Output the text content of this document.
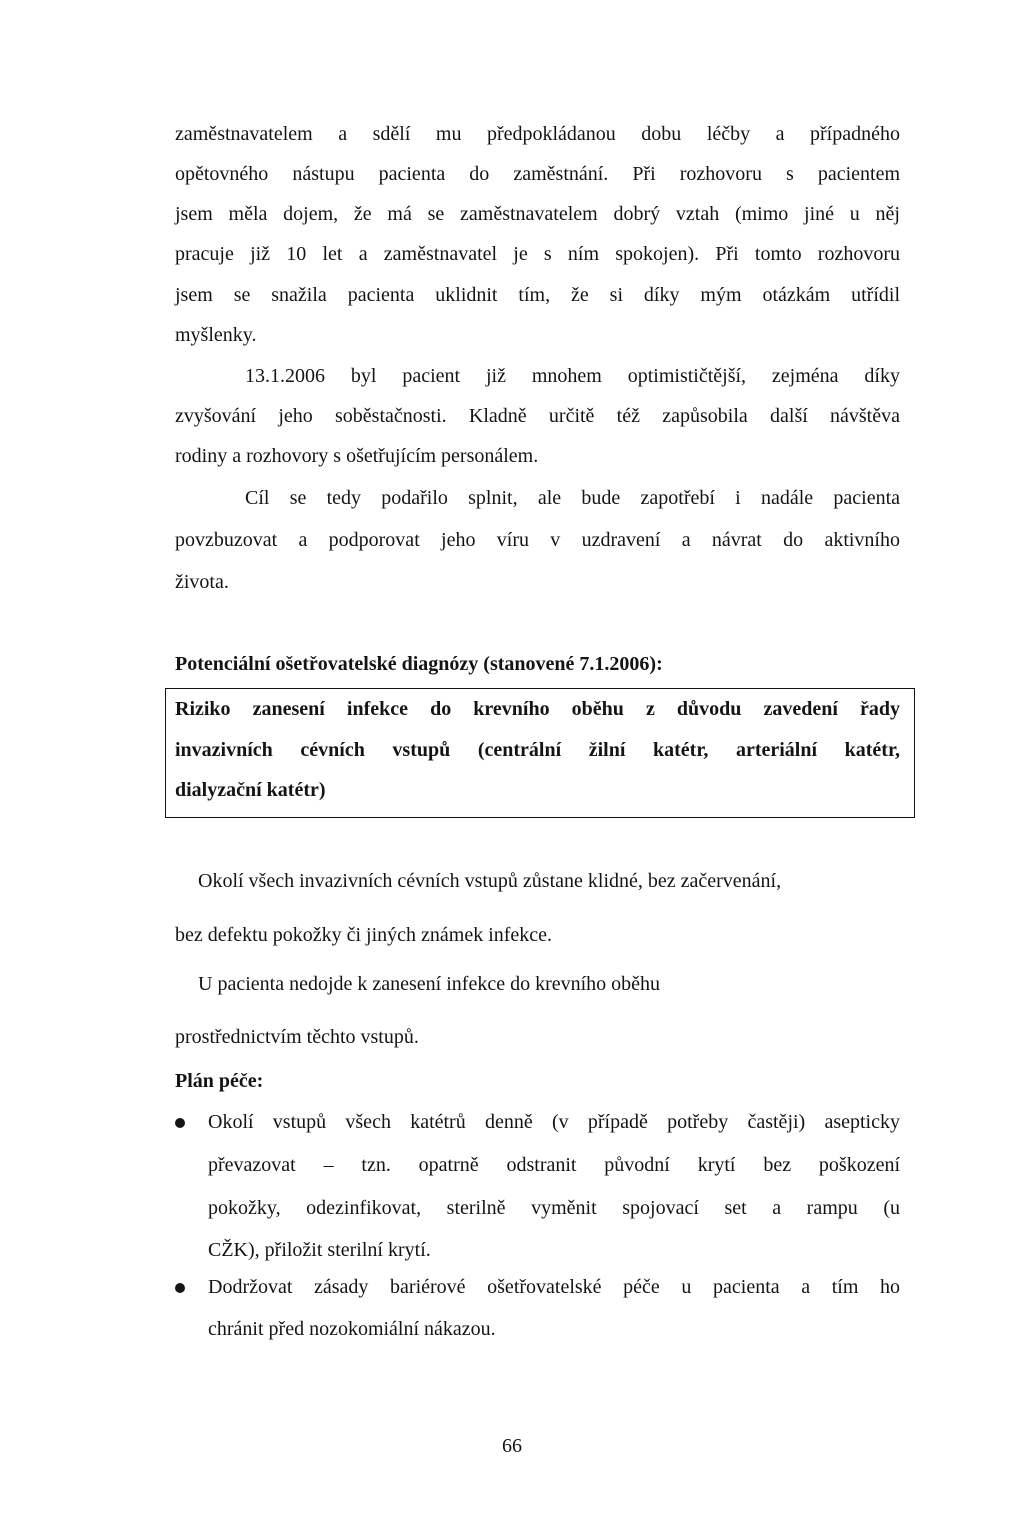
zaměstnavatelem a sdělí mu předpokládanou dobu léčby a případného
opětovného nástupu pacienta do zaměstnání. Při rozhovoru s pacientem
jsem měla dojem, že má se zaměstnavatelem dobrý vztah (mimo jiné u něj
pracuje již 10 let a zaměstnavatel je s ním spokojen). Při tomto rozhovoru
jsem se snažila pacienta uklidnit tím, že si díky mým otázkám utřídil
myšlenky.
13.1.2006 byl pacient již mnohem optimističtější, zejména díky
zvyšování jeho soběstačnosti. Kladně určitě též zapůsobila další návštěva
rodiny a rozhovory s ošetřujícím personálem.
Cíl se tedy podařilo splnit, ale bude zapotřebí i nadále pacienta
povzbuzovat a podporovat jeho víru v uzdravení a návrat do aktivního
života.
Potenciální ošetřovatelské diagnózy (stanovené 7.1.2006):
Riziko zanesení infekce do krevního oběhu z důvodu zavedení řady
invazivních cévních vstupů (centrální žilní katétr, arteriální katétr,
dialyzační katétr)
Okolí všech invazivních cévních vstupů zůstane klidné, bez začervenání,
bez defektu pokožky či jiných známek infekce.
U pacienta nedojde k zanesení infekce do krevního oběhu
prostřednictvím těchto vstupů.
Plán péče:
Okolí vstupů všech katétrů denně (v případě potřeby častěji) asepticky
převazovat – tzn. opatrně odstranit původní krytí bez poškození
pokožky, odezinfikovat, sterilně vyměnit spojovací set a rampu (u
CŽK), přiložit sterilní krytí.
Dodržovat zásady bariérové ošetřovatelské péče u pacienta a tím ho
chránit před nozokomiální nákazou.
66
